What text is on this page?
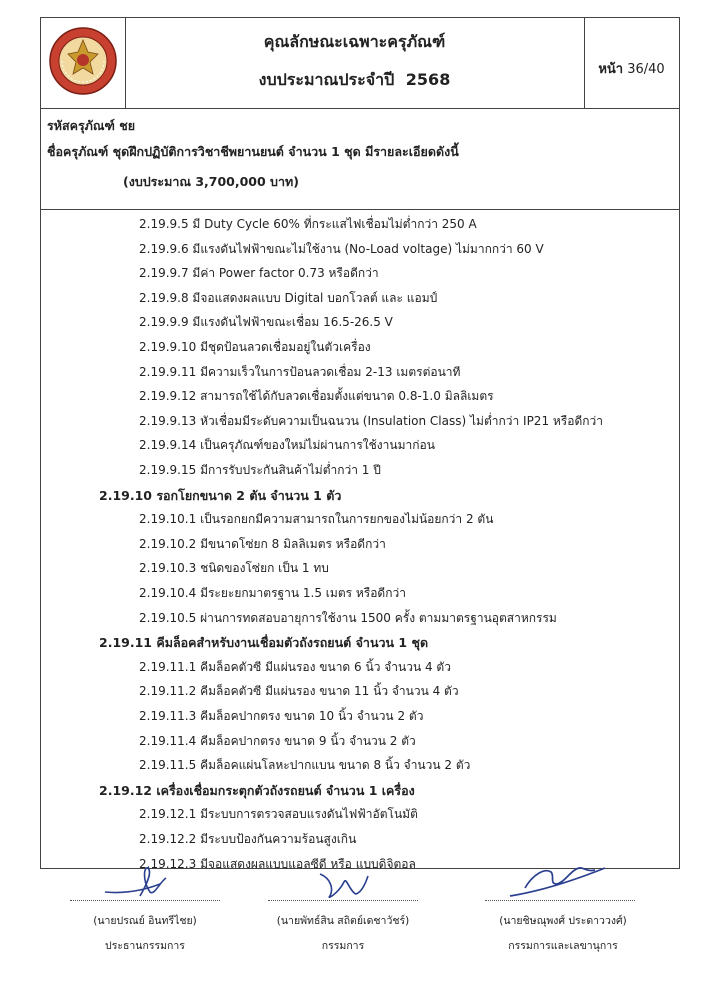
คุณลักษณะเฉพาะครุภัณฑ์
งบประมาณประจำปี 2568
หน้า 36/40
รหัสครุภัณฑ์ ชย
ชื่อครุภัณฑ์ ชุดฝึกปฏิบัติการวิชาชีพยานยนต์ จำนวน 1 ชุด มีรายละเอียดดังนี้
(งบประมาณ 3,700,000 บาท)
2.19.9.5 มี Duty Cycle 60% ที่กระแสไฟเชื่อมไม่ต่ำกว่า 250 A
2.19.9.6 มีแรงดันไฟฟ้าขณะไม่ใช้งาน (No-Load voltage) ไม่มากกว่า 60 V
2.19.9.7 มีค่า Power factor 0.73 หรือดีกว่า
2.19.9.8 มีจอแสดงผลแบบ Digital บอกโวลต์ และ แอมป์
2.19.9.9 มีแรงดันไฟฟ้าขณะเชื่อม 16.5-26.5 V
2.19.9.10 มีชุดป้อนลวดเชื่อมอยู่ในตัวเครื่อง
2.19.9.11 มีความเร็วในการป้อนลวดเชื่อม 2-13 เมตรต่อนาที
2.19.9.12 สามารถใช้ได้กับลวดเชื่อมตั้งแต่ขนาด 0.8-1.0 มิลลิเมตร
2.19.9.13 หัวเชื่อมมีระดับความเป็นฉนวน (Insulation Class) ไม่ต่ำกว่า IP21 หรือดีกว่า
2.19.9.14 เป็นครุภัณฑ์ของใหม่ไม่ผ่านการใช้งานมาก่อน
2.19.9.15 มีการรับประกันสินค้าไม่ต่ำกว่า 1 ปี
2.19.10 รอกโยกขนาด 2 ตัน จำนวน 1 ตัว
2.19.10.1 เป็นรอกยกมีความสามารถในการยกของไม่น้อยกว่า 2 ตัน
2.19.10.2 มีขนาดโซ่ยก 8 มิลลิเมตร หรือดีกว่า
2.19.10.3 ชนิดของโซ่ยก เป็น 1 ทบ
2.19.10.4 มีระยะยกมาตรฐาน 1.5 เมตร หรือดีกว่า
2.19.10.5 ผ่านการทดสอบอายุการใช้งาน 1500 ครั้ง ตามมาตรฐานอุตสาหกรรม
2.19.11 คีมล็อคสำหรับงานเชื่อมตัวถังรถยนต์ จำนวน 1 ชุด
2.19.11.1 คีมล็อคตัวซี มีแผ่นรอง ขนาด 6 นิ้ว จำนวน 4 ตัว
2.19.11.2 คีมล็อคตัวซี มีแผ่นรอง ขนาด 11 นิ้ว จำนวน 4 ตัว
2.19.11.3 คีมล็อคปากตรง ขนาด 10 นิ้ว จำนวน 2 ตัว
2.19.11.4 คีมล็อคปากตรง ขนาด 9 นิ้ว จำนวน 2 ตัว
2.19.11.5 คีมล็อคแผ่นโลหะปากแบน ขนาด 8 นิ้ว จำนวน 2 ตัว
2.19.12 เครื่องเชื่อมกระตุกตัวถังรถยนต์ จำนวน 1 เครื่อง
2.19.12.1 มีระบบการตรวจสอบแรงดันไฟฟ้าอัตโนมัติ
2.19.12.2 มีระบบป้องกันความร้อนสูงเกิน
2.19.12.3 มีจอแสดงผลแบบแอลซีดี หรือ แบบดิจิตอล
(นายปรณย์ อินทรีไชย)
ประธานกรรมการ
(นายพัทธ์สิน สถิตย์เดชาวัชร์)
กรรมการ
(นายชิษณุพงศ์ ประดาววงศ์)
กรรมการและเลขานุการ
